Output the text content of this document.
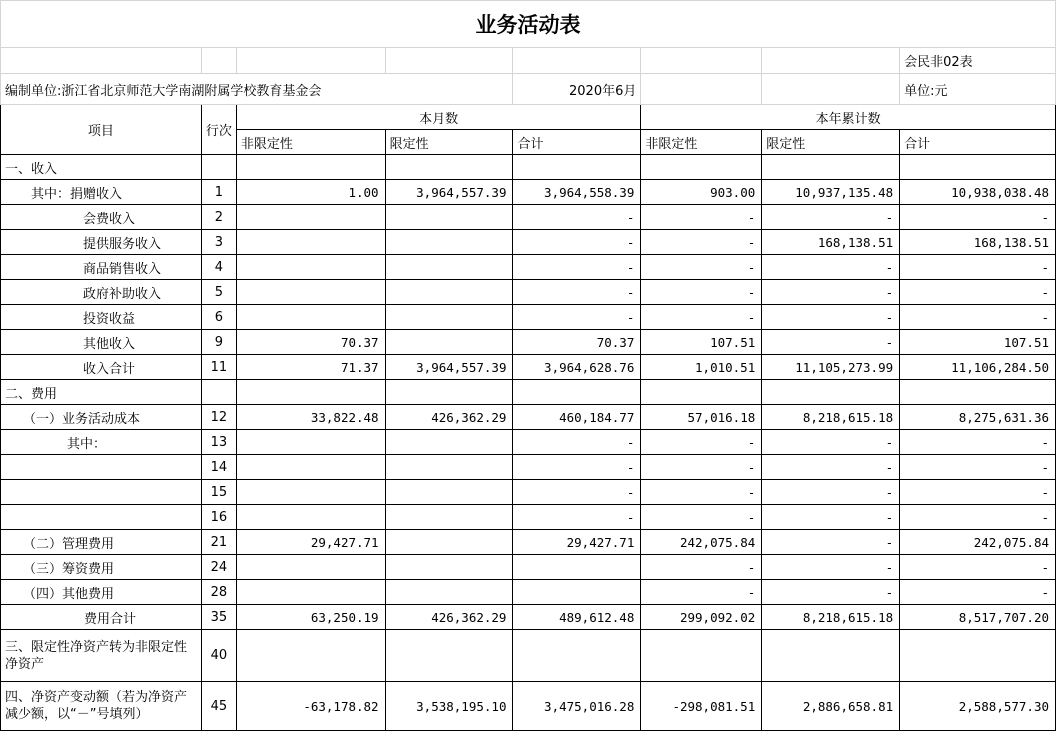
业务活动表							
							会民非02表
编制单位:浙江省北京师范大学南湖附属学校教育基金会				2020年6月			单位:元
项目	行次	本月数			本年累计数		
		非限定性	限定性	合计	非限定性	限定性	合计
一、收入							
其中：捐赠收入	1	1.00	3,964,557.39	3,964,558.39	903.00	10,937,135.48	10,938,038.48
会费收入	2			-	-	-	-
提供服务收入	3			-	-	168,138.51	168,138.51
商品销售收入	4			-	-	-	-
政府补助收入	5			-	-	-	-
投资收益	6			-	-	-	-
其他收入	9	70.37		70.37	107.51	-	107.51
收入合计	11	71.37	3,964,557.39	3,964,628.76	1,010.51	11,105,273.99	11,106,284.50
二、费用							
（一）业务活动成本	12	33,822.48	426,362.29	460,184.77	57,016.18	8,218,615.18	8,275,631.36
其中：	13			-	-	-	-
	14			-	-	-	-
	15			-	-	-	-
	16			-	-	-	-
（二）管理费用	21	29,427.71		29,427.71	242,075.84	-	242,075.84
（三）筹资费用	24				-	-	-
（四）其他费用	28				-	-	-
费用合计	35	63,250.19	426,362.29	489,612.48	299,092.02	8,218,615.18	8,517,707.20
三、限定性净资产转为非限定性净资产	40						
四、净资产变动额（若为净资产减少额，以“－”号填列）	45	-63,178.82	3,538,195.10	3,475,016.28	-298,081.51	2,886,658.81	2,588,577.30
